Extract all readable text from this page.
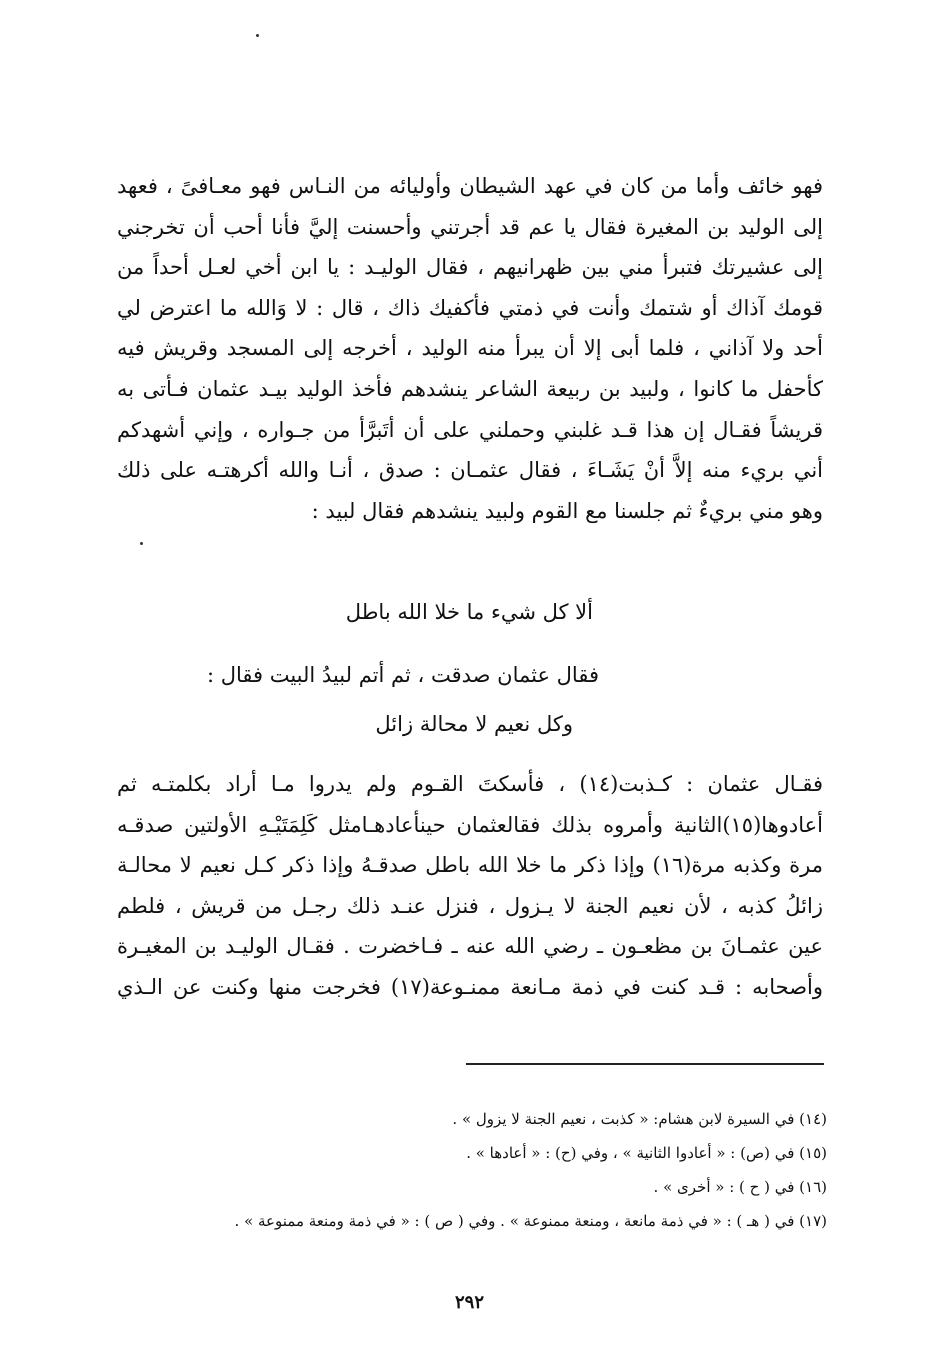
فهو خائف وأما من كان في عهد الشيطان وأوليائه من النـاس فهو معـافىً ، فعهد
إلى الوليد بن المغيرة فقال يا عم قد أجرتني وأحسنت إليَّ فأنا أحب أن تخرجني
إلى عشيرتك فتبرأ مني بين ظهرانيهم ، فقال الوليـد : يا ابن أخي لعـل أحداً من
قومك آذاك أو شتمك وأنت في ذمتي فأكفيك ذاك ، قال : لا وَالله ما اعترض لي
أحد ولا آذاني ، فلما أبى إلا أن يبرأ منه الوليد ، أخرجه إلى المسجد وقريش فيه
كأحفل ما كانوا ، ولبيد بن ربيعة الشاعر ينشدهم فأخذ الوليد بيـد عثمان فـأتى به
قريشاً فقـال إن هذا قـد غلبني وحملني على أن أتَبرَّأ من جـواره ، وإني أشهدكم
أني بريء منه إلاَّ أنْ يَشَـاءَ ، فقال عثمـان : صدق ، أنـا والله أكرهتـه على ذلك
وهو مني بريءٌ ثم جلسنا مع القوم ولبيد ينشدهم فقال لبيد :
ألا كل شيء ما خلا الله باطل
فقال عثمان صدقت ، ثم أتم لبيدُ البيت فقال :
وكل نعيم لا محالة زائل
فقـال عثمان : كـذبت(١٤) ، فأسكتَ القـوم ولم يدروا مـا أراد بكلمتـه ثم
أعادوها(١٥)الثانية وأمروه بذلك فقالعثمان حينأعادهـامثل كَلِمَتَيْـهِ الأولتين صدقـه
مرة وكذبه مرة(١٦) وإذا ذكر ما خلا الله باطل صدقـهُ وإذا ذكر كـل نعيم لا محالـة
زائلُ كذبه ، لأن نعيم الجنة لا يـزول ، فنزل عنـد ذلك رجـل من قريش ، فلطم
عين عثمـانَ بن مظعـون ـ رضي الله عنه ـ فـاخضرت . فقـال الوليـد بن المغيـرة
وأصحابه : قـد كنت في ذمة مـانعة ممنـوعة(١٧) فخرجت منها وكنت عن الـذي
(١٤) في السيرة لابن هشام: « كذبت ، نعيم الجنة لا يزول » .
(١٥) في (ص) : « أعادوا الثانية » ، وفي (ح) : « أعادها » .
(١٦) في ( ح ) : « أخرى » .
(١٧) في ( هـ ) : « في ذمة مانعة ، ومنعة ممنوعة » . وفي ( ص ) : « في ذمة ومنعة ممنوعة » .
٢٩٢
